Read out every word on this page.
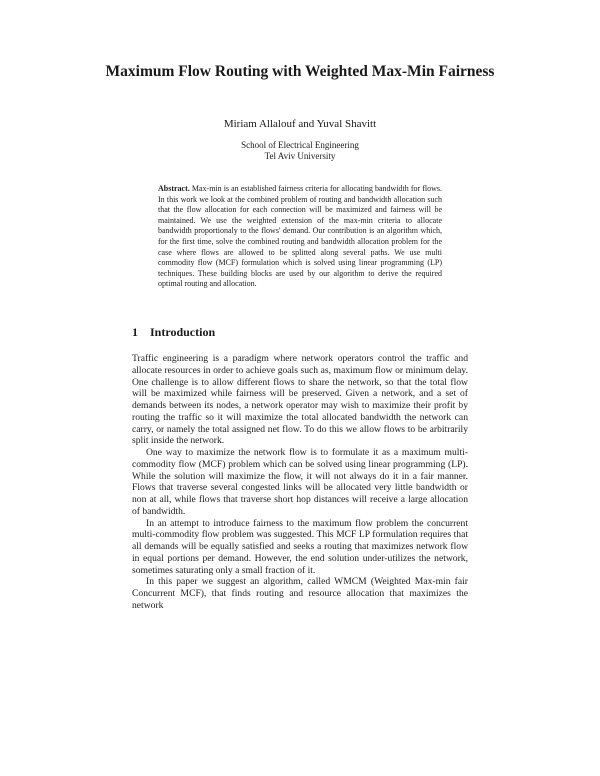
Maximum Flow Routing with Weighted Max-Min Fairness
Miriam Allalouf and Yuval Shavitt
School of Electrical Engineering
Tel Aviv University

Abstract. Max-min is an established fairness criteria for allocating bandwidth for flows. In this work we look at the combined problem of routing and bandwidth allocation such that the flow allocation for each connection will be maximized and fairness will be maintained. We use the weighted extension of the max-min criteria to allocate bandwidth proportionaly to the flows' demand. Our contribution is an algorithm which, for the first time, solve the combined routing and bandwidth allocation problem for the case where flows are allowed to be splitted along several paths. We use multi commodity flow (MCF) formulation which is solved using linear programming (LP) techniques. These building blocks are used by our algorithm to derive the required optimal routing and allocation.

1 Introduction

Traffic engineering is a paradigm where network operators control the traffic and allocate resources in order to achieve goals such as, maximum flow or minimum delay. One challenge is to allow different flows to share the network, so that the total flow will be maximized while fairness will be preserved. Given a network, and a set of demands between its nodes, a network operator may wish to maximize their profit by routing the traffic so it will maximize the total allocated bandwidth the network can carry, or namely the total assigned net flow. To do this we allow flows to be arbitrarily split inside the network.

One way to maximize the network flow is to formulate it as a maximum multi-commodity flow (MCF) problem which can be solved using linear programming (LP). While the solution will maximize the flow, it will not always do it in a fair manner. Flows that traverse several congested links will be allocated very little bandwidth or non at all, while flows that traverse short hop distances will receive a large allocation of bandwidth.

In an attempt to introduce fairness to the maximum flow problem the concurrent multi-commodity flow problem was suggested. This MCF LP formulation requires that all demands will be equally satisfied and seeks a routing that maximizes network flow in equal portions per demand. However, the end solution under-utilizes the network, sometimes saturating only a small fraction of it.

In this paper we suggest an algorithm, called WMCM (Weighted Max-min fair Concurrent MCF), that finds routing and resource allocation that maximizes the network
